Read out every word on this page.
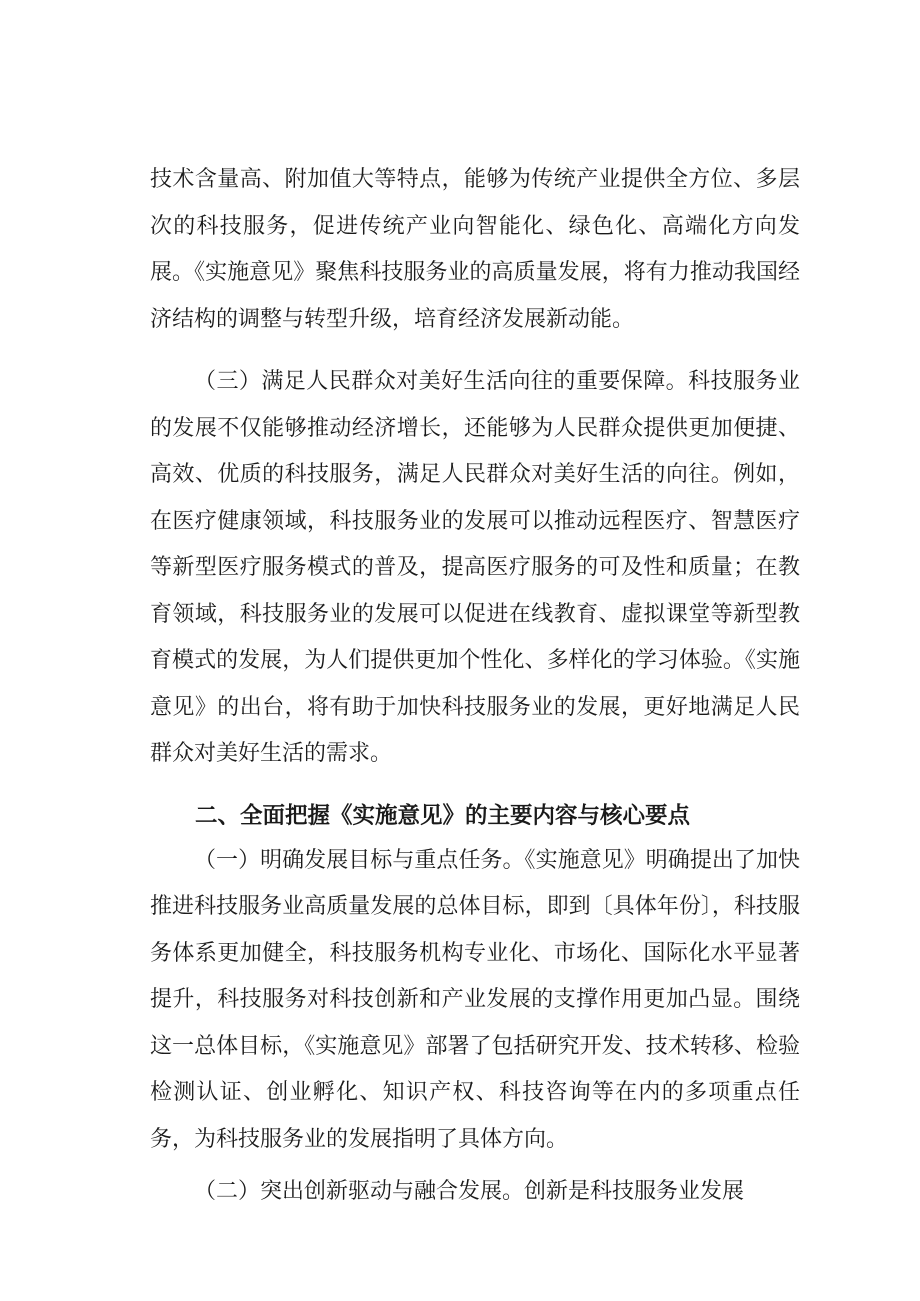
技术含量高、附加值大等特点，能够为传统产业提供全方位、多层次的科技服务，促进传统产业向智能化、绿色化、高端化方向发展。《实施意见》聚焦科技服务业的高质量发展，将有力推动我国经济结构的调整与转型升级，培育经济发展新动能。

（三）满足人民群众对美好生活向往的重要保障。科技服务业的发展不仅能够推动经济增长，还能够为人民群众提供更加便捷、高效、优质的科技服务，满足人民群众对美好生活的向往。例如，在医疗健康领域，科技服务业的发展可以推动远程医疗、智慧医疗等新型医疗服务模式的普及，提高医疗服务的可及性和质量；在教育领域，科技服务业的发展可以促进在线教育、虚拟课堂等新型教育模式的发展，为人们提供更加个性化、多样化的学习体验。《实施意见》的出台，将有助于加快科技服务业的发展，更好地满足人民群众对美好生活的需求。

二、全面把握《实施意见》的主要内容与核心要点

（一）明确发展目标与重点任务。《实施意见》明确提出了加快推进科技服务业高质量发展的总体目标，即到〔具体年份〕，科技服务体系更加健全，科技服务机构专业化、市场化、国际化水平显著提升，科技服务对科技创新和产业发展的支撑作用更加凸显。围绕这一总体目标，《实施意见》部署了包括研究开发、技术转移、检验检测认证、创业孵化、知识产权、科技咨询等在内的多项重点任务，为科技服务业的发展指明了具体方向。

（二）突出创新驱动与融合发展。创新是科技服务业发展
